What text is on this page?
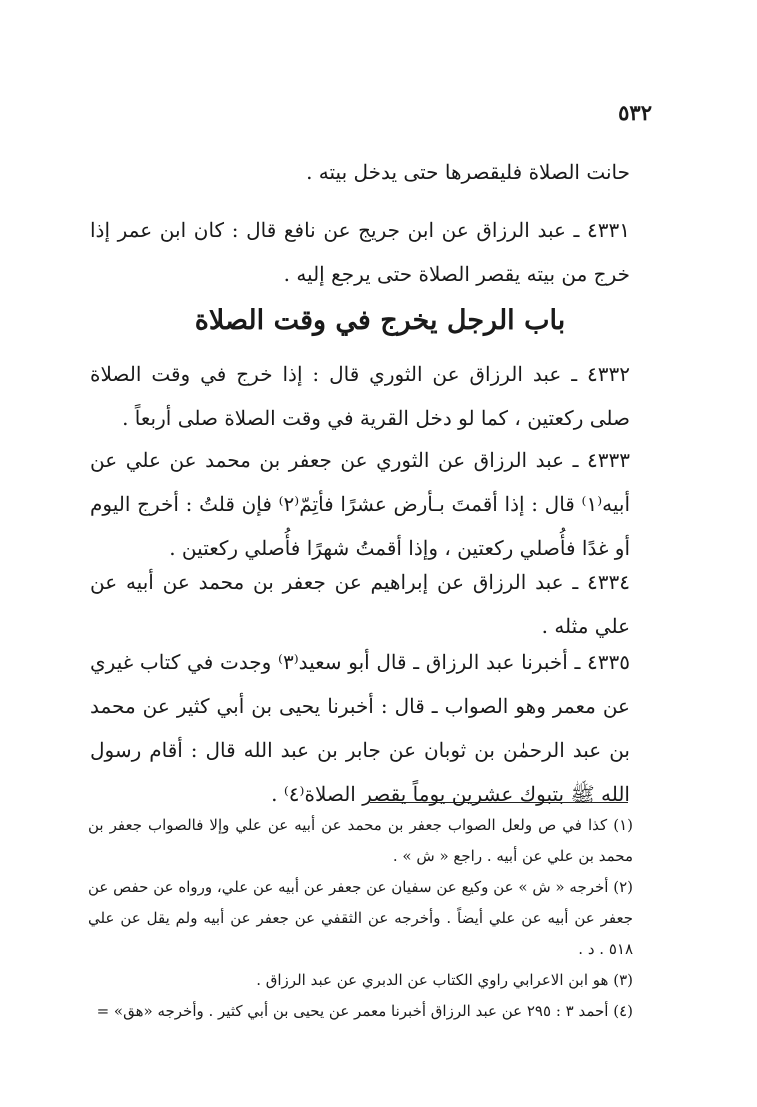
٥٣٢

حانت الصلاة فليقصرها حتى يدخل بيته .

٤٣٣١ ـ عبد الرزاق عن ابن جريج عن نافع قال : كان ابن عمر إذا خرج من بيته يقصر الصلاة حتى يرجع إليه .

باب الرجل يخرج في وقت الصلاة

٤٣٣٢ ـ عبد الرزاق عن الثوري قال : إذا خرج في وقت الصلاة صلى ركعتين ، كما لو دخل القرية في وقت الصلاة صلى أربعاً .

٤٣٣٣ ـ عبد الرزاق عن الثوري عن جعفر بن محمد عن علي عن أبيه⁽١⁾ قال : إذا أقمتَ بـأرض عشرًا فأتِمّ⁽٢⁾ فإن قلتُ : أخرج اليوم أو غدًا فأُصلي ركعتين ، وإذا أقمتُ شهرًا فأُصلي ركعتين .

٤٣٣٤ ـ عبد الرزاق عن إبراهيم عن جعفر بن محمد عن أبيه عن علي مثله .

٤٣٣٥ ـ أخبرنا عبد الرزاق ـ قال أبو سعيد⁽٣⁾ وجدت في كتاب غيري عن معمر وهو الصواب ـ قال : أخبرنا يحيى بن أبي كثير عن محمد بن عبد الرحمٰن بن ثوبان عن جابر بن عبد الله قال : أقام رسول الله ﷺ بتبوك عشرين يوماً يقصر الصلاة⁽٤⁾ .

(١) كذا في ص ولعل الصواب جعفر بن محمد عن أبيه عن علي وإلا فالصواب جعفر بن محمد بن علي عن أبيه . راجع « ش » .

(٢) أخرجه « ش » عن وكيع عن سفيان عن جعفر عن أبيه عن علي، ورواه عن حفص عن جعفر عن أبيه عن علي أيضاً . وأخرجه عن الثقفي عن جعفر عن أبيه ولم يقل عن علي ٥١٨ . د .

(٣) هو ابن الاعرابي راوي الكتاب عن الدبري عن عبد الرزاق .

(٤) أحمد ٣ : ٢٩٥ عن عبد الرزاق أخبرنا معمر عن يحيى بن أبي كثير . وأخرجه «هق» =
